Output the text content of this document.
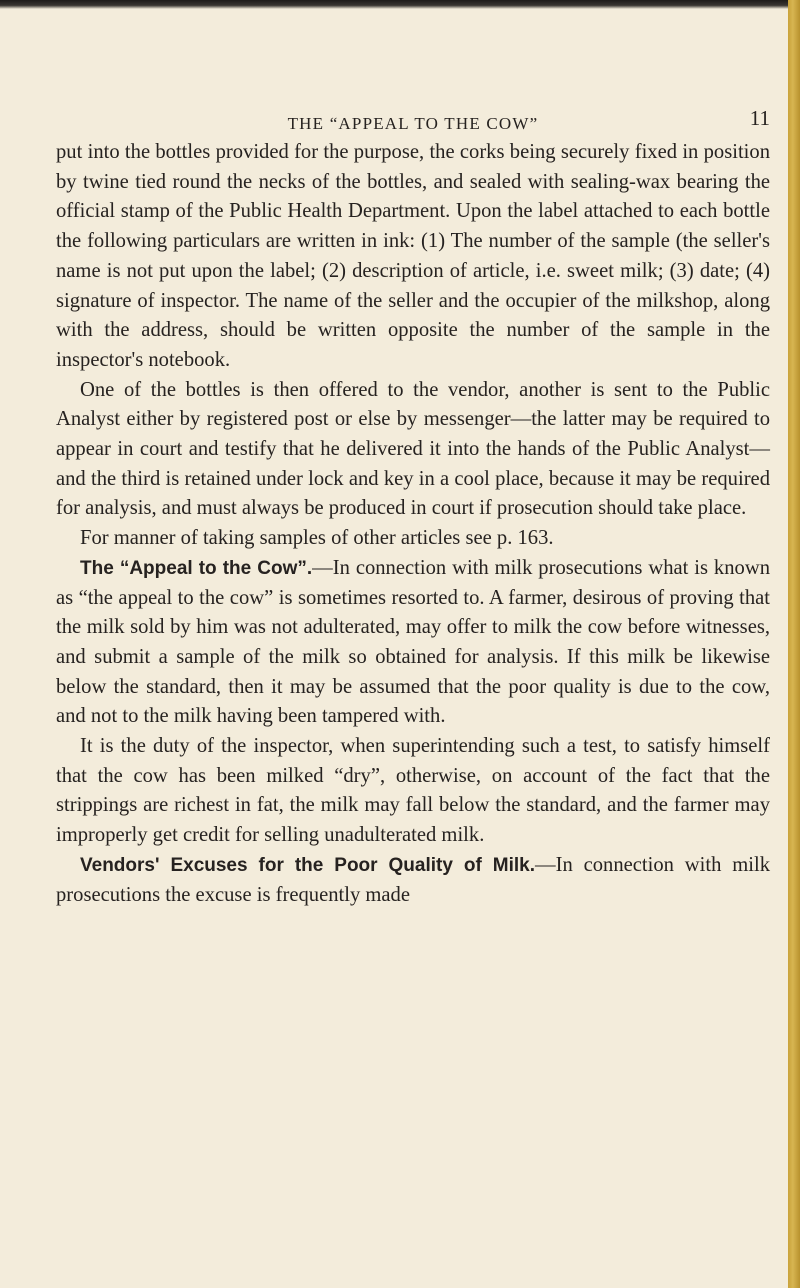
THE “APPEAL TO THE COW”	11

put into the bottles provided for the purpose, the corks being securely fixed in position by twine tied round the necks of the bottles, and sealed with sealing-wax bearing the official stamp of the Public Health Department. Upon the label attached to each bottle the following particulars are written in ink: (1) The number of the sample (the seller's name is not put upon the label; (2) description of article, i.e. sweet milk; (3) date; (4) signature of inspector. The name of the seller and the occupier of the milkshop, along with the address, should be written opposite the number of the sample in the inspector's notebook.

One of the bottles is then offered to the vendor, another is sent to the Public Analyst either by registered post or else by messenger—the latter may be required to appear in court and testify that he delivered it into the hands of the Public Analyst—and the third is retained under lock and key in a cool place, because it may be required for analysis, and must always be produced in court if prosecution should take place.

For manner of taking samples of other articles see p. 163.

The “Appeal to the Cow”.—In connection with milk prosecutions what is known as “the appeal to the cow” is sometimes resorted to. A farmer, desirous of proving that the milk sold by him was not adulterated, may offer to milk the cow before witnesses, and submit a sample of the milk so obtained for analysis. If this milk be likewise below the standard, then it may be assumed that the poor quality is due to the cow, and not to the milk having been tampered with.

It is the duty of the inspector, when superintending such a test, to satisfy himself that the cow has been milked “dry”, otherwise, on account of the fact that the strippings are richest in fat, the milk may fall below the standard, and the farmer may improperly get credit for selling unadulterated milk.

Vendors' Excuses for the Poor Quality of Milk.—In connection with milk prosecutions the excuse is frequently made
